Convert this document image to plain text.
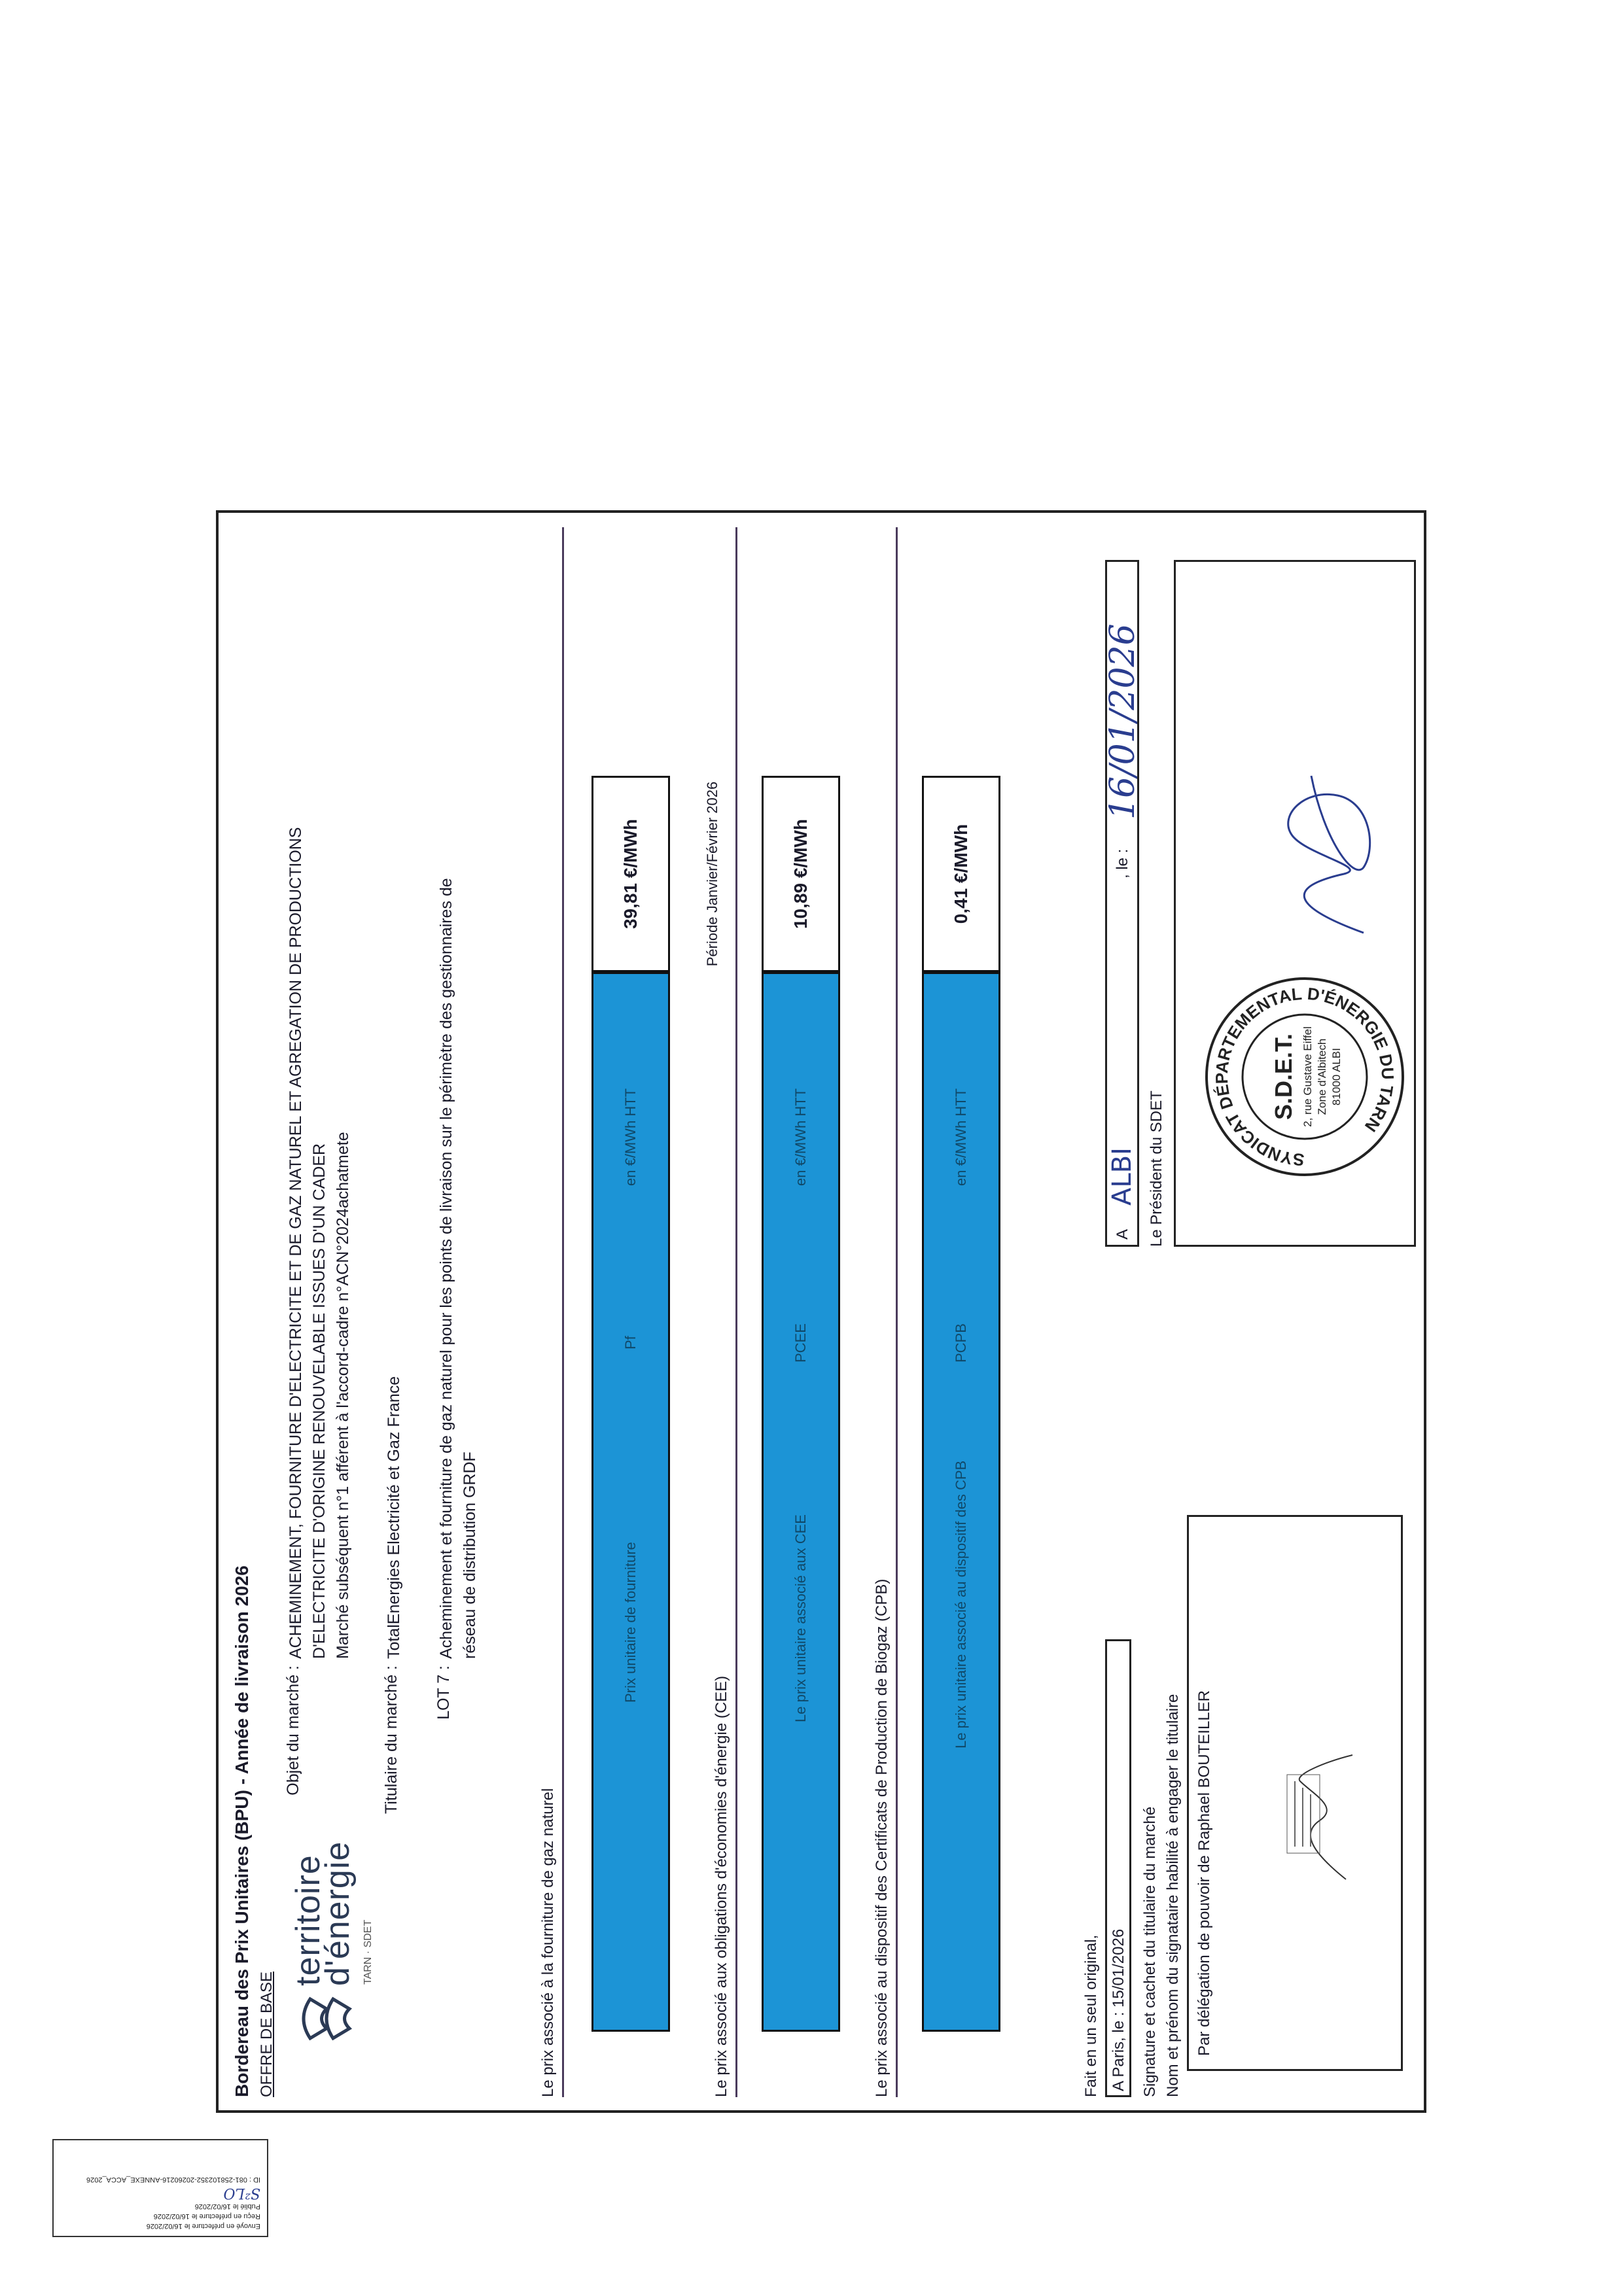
Envoyé en préfecture le 16/02/2026
Reçu en préfecture le 16/02/2026
Publié le 16/02/2026
S²LO
ID : 081-258102352-20260216-ANNEXE_ACCA_2026
Bordereau des Prix Unitaires (BPU) - Année de livraison 2026 OFFRE DE BASE
territoire
d'énergie TARN · SDET
Objet du marché :
ACHEMINEMENT, FOURNITURE D'ELECTRICITE ET DE GAZ NATUREL ET AGREGATION DE PRODUCTIONS D'ELECTRICITE D'ORIGINE RENOUVELABLE ISSUES D'UN CADER Marché subséquent n°1 afférent à l'accord-cadre n°ACN°2024achatmete
Titulaire du marché :
TotalEnergies Electricité et Gaz France
LOT 7 :
Acheminement et fourniture de gaz naturel pour les points de livraison sur le périmètre des gestionnaires de réseau de distribution GRDF
Le prix associé à la fourniture de gaz naturel
Prix unitaire de fourniture
Pf
en €/MWh HTT
39,81 €/MWh
Le prix associé aux obligations d'économies d'énergie (CEE)
Le prix unitaire associé aux CEE
PCEE
en €/MWh HTT
10,89 €/MWh
Période Janvier/Février 2026
Le prix associé au dispositif des Certificats de Production de Biogaz (CPB)	Le prix unitaire associé au dispositif des CPB
PCPB
en €/MWh HTT
0,41 €/MWh
Fait en un seul original, A Paris, le : 15/01/2026 Signature et cachet du titulaire du marché Nom et prénom du signataire habilité à engager le titulaire Par délégation de pouvoir de Raphael BOUTEILLER
A
ALBI
, le :
16/01/2026
Le Président du SDET	SYNDICAT DÉPARTEMENTAL D'ÉNERGIE DU TARN
S.D.E.T. 2, rue Gustave Eiffel Zone d'Albitech 81000 ALBI
